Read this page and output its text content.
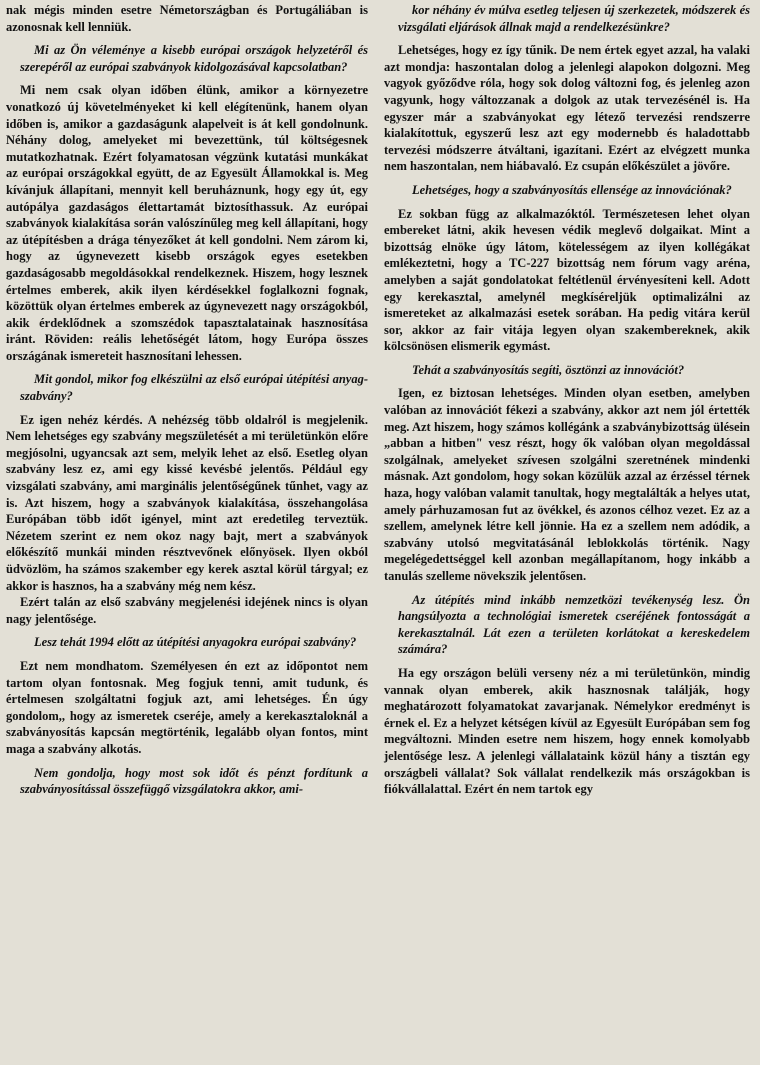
nak mégis minden esetre Németországban és Portugáliában is azonosnak kell lenniük.

Mi az Ön véleménye a kisebb európai országok helyzetéről és szerepéről az európai szabványok kidolgozásával kapcsolatban?

Mi nem csak olyan időben élünk, amikor a környezetre vonatkozó új követelményeket ki kell elégítenünk, hanem olyan időben is, amikor a gazdaságunk alapelveit is át kell gondolnunk. Néhány dolog, amelyeket mi bevezettünk, túl költségesnek mutatkozhatnak. Ezért folyamatosan végzünk kutatási munkákat az európai országokkal együtt, de az Egyesült Államokkal is. Meg kívánjuk állapítani, mennyit kell beruháznunk, hogy egy út, egy autópálya gazdaságos élettartamát biztosíthassuk. Az európai szabványok kialakítása során valószínűleg meg kell állapítani, hogy az útépítésben a drága tényezőket át kell gondolni. Nem zárom ki, hogy az úgynevezett kisebb országok egyes esetekben gazdaságosabb megoldásokkal rendelkeznek. Hiszem, hogy lesznek értelmes emberek, akik ilyen kérdésekkel foglalkozni fognak, közöttük olyan értelmes emberek az úgynevezett nagy országokból, akik érdeklődnek a szomszédok tapasztalatainak hasznosítása iránt. Röviden: reális lehetőségét látom, hogy Európa összes országának ismereteit hasznosítani lehessen.

Mit gondol, mikor fog elkészülni az első európai útépítési anyag-szabvány?

Ez igen nehéz kérdés. A nehézség több oldalról is megjelenik. Nem lehetséges egy szabvány megszületését a mi területünkön előre megjósolni, ugyancsak azt sem, melyik lehet az első. Esetleg olyan szabvány lesz ez, ami egy kissé kevésbé jelentős. Például egy vizsgálati szabvány, ami marginális jelentőségűnek tűnhet, vagy az is. Azt hiszem, hogy a szabványok kialakítása, összehangolása Európában több időt igényel, mint azt eredetileg terveztük. Nézetem szerint ez nem okoz nagy bajt, mert a szabványok előkészítő munkái minden résztvevőnek előnyösek. Ilyen okból üdvözlöm, ha számos szakember egy kerek asztal körül tárgyal; ez akkor is hasznos, ha a szabvány még nem kész.

Ezért talán az első szabvány megjelenési idejének nincs is olyan nagy jelentősége.

Lesz tehát 1994 előtt az útépítési anyagokra európai szabvány?

Ezt nem mondhatom. Személyesen én ezt az időpontot nem tartom olyan fontosnak. Meg fogjuk tenni, amit tudunk, és értelmesen szolgáltatni fogjuk azt, ami lehetséges. Én úgy gondolom,, hogy az ismeretek cseréje, amely a kerekasztaloknál a szabványosítás kapcsán megtörténik, legalább olyan fontos, mint maga a szabvány alkotás.

Nem gondolja, hogy most sok időt és pénzt fordítunk a szabványosítással összefüggő vizsgálatokra akkor, ami-

kor néhány év múlva esetleg teljesen új szerkezetek, módszerek és vizsgálati eljárások állnak majd a rendelkezésünkre?

Lehetséges, hogy ez így tűnik. De nem értek egyet azzal, ha valaki azt mondja: haszontalan dolog a jelenlegi alapokon dolgozni. Meg vagyok győződve róla, hogy sok dolog változni fog, és jelenleg azon vagyunk, hogy változzanak a dolgok az utak tervezésénél is. Ha egyszer már a szabványokat egy létező tervezési rendszerre kialakítottuk, egyszerű lesz azt egy modernebb és haladottabb tervezési módszerre átváltani, igazítani. Ezért az elvégzett munka nem haszontalan, nem hiábavaló. Ez csupán előkészület a jövőre.

Lehetséges, hogy a szabványosítás ellensége az innovációnak?

Ez sokban függ az alkalmazóktól. Természetesen lehet olyan embereket látni, akik hevesen védik meglevő dolgaikat. Mint a bizottság elnöke úgy látom, kötelességem az ilyen kollégákat emlékeztetni, hogy a TC-227 bizottság nem fórum vagy aréna, amelyben a saját gondolatokat feltétlenül érvényesíteni kell. Adott egy kerekasztal, amelynél megkíséreljük optimalizálni az ismereteket az alkalmazási esetek sorában. Ha pedig vitára kerül sor, akkor az fair vitája legyen olyan szakembereknek, akik kölcsönösen elismerik egymást.

Tehát a szabványosítás segíti, ösztönzi az innovációt?

Igen, ez biztosan lehetséges. Minden olyan esetben, amelyben valóban az innovációt fékezi a szabvány, akkor azt nem jól értették meg. Azt hiszem, hogy számos kollégánk a szabványbizottság ülésein „abban a hitben" vesz részt, hogy ők valóban olyan megoldással szolgálnak, amelyeket szívesen szolgálni szeretnének mindenki másnak. Azt gondolom, hogy sokan közülük azzal az érzéssel térnek haza, hogy valóban valamit tanultak, hogy megtalálták a helyes utat, amely párhuzamosan fut az övékkel, és azonos célhoz vezet. Ez az a szellem, amelynek létre kell jönnie. Ha ez a szellem nem adódik, a szabvány utolsó megvitatásánál leblokkolás történik. Nagy megelégedettséggel kell azonban megállapítanom, hogy inkább a tanulás szelleme növekszik jelentősen.

Az útépítés mind inkább nemzetközi tevékenység lesz. Ön hangsúlyozta a technológiai ismeretek cseréjének fontosságát a kerekasztalnál. Lát ezen a területen korlátokat a kereskedelem számára?

Ha egy országon belüli verseny néz a mi területünkön, mindig vannak olyan emberek, akik hasznosnak találják, hogy meghatározott folyamatokat zavarjanak. Némelykor eredményt is érnek el. Ez a helyzet kétségen kívül az Egyesült Európában sem fog megváltozni. Minden esetre nem hiszem, hogy ennek komolyabb jelentősége lesz. A jelenlegi vállalataink közül hány a tisztán egy országbeli vállalat? Sok vállalat rendelkezik más országokban is fiókvállalattal. Ezért én nem tartok egy
